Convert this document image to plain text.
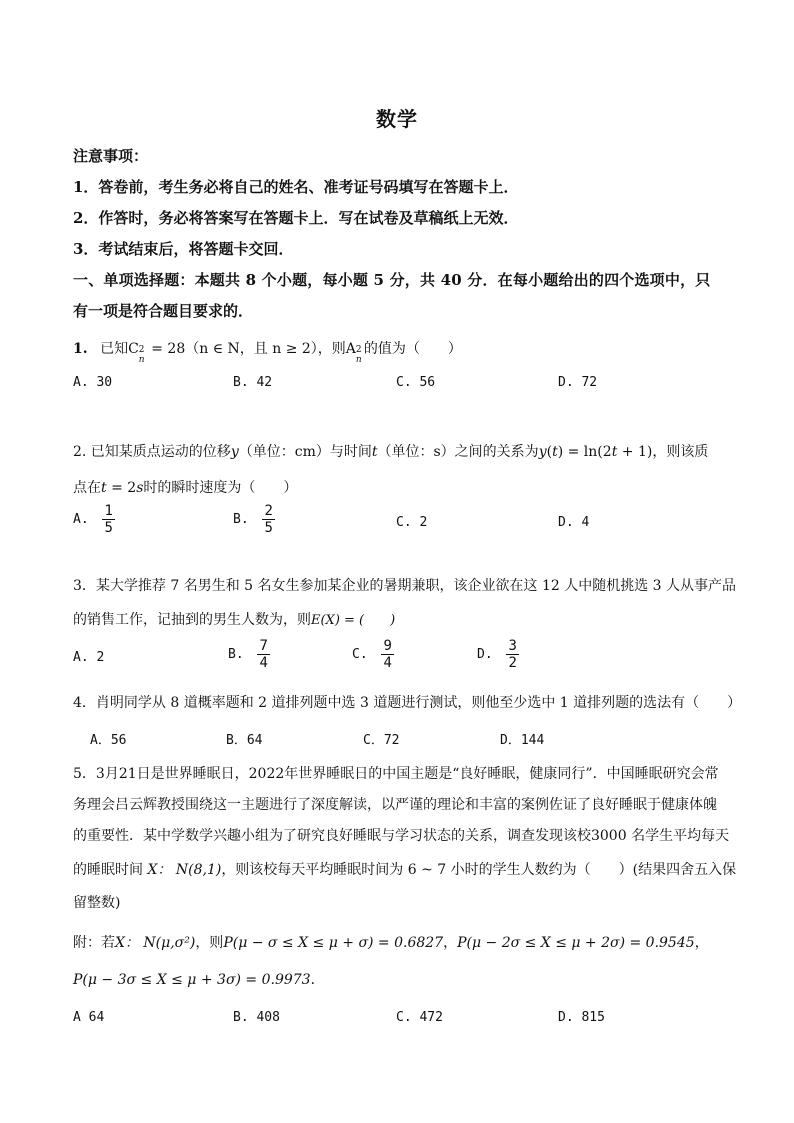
数学
注意事项：
1．答卷前，考生务必将自己的姓名、准考证号码填写在答题卡上．
2．作答时，务必将答案写在答题卡上．写在试卷及草稿纸上无效．
3．考试结束后，将答题卡交回．
一、单项选择题：本题共 8 个小题，每小题 5 分，共 40 分．在每小题给出的四个选项中，只
有一项是符合题目要求的．
1. 已知C 2
n
= 28（n ∈ N，且 n ≥ 2），则A 2
n
的值为（　　）
A. 30	B. 42	C. 56	D. 72
2. 已知某质点运动的位移y（单位：cm）与时间t（单位：s）之间的关系为y(t) = ln(2t + 1)，则该质
点在t = 2s时的瞬时速度为（　　）
A. $\frac{1}{5}$	B. $\frac{2}{5}$	C. 2	D. 4
3．某大学推荐 7 名男生和 5 名女生参加某企业的暑期兼职，该企业欲在这 12 人中随机挑选 3 人从事产品
的销售工作，记抽到的男生人数为，则E(X) = (　　)
A. 2	B. $\frac{7}{4}$	C. $\frac{9}{4}$	D. $\frac{3}{2}$
4．肖明同学从 8 道概率题和 2 道排列题中选 3 道题进行测试，则他至少选中 1 道排列题的选法有（　　）
A．56	B．64	C．72	D．144
5．3月21日是世界睡眠日，2022年世界睡眠日的中国主题是“良好睡眠，健康同行”．中国睡眠研究会常
务理会吕云辉教授围绕这一主题进行了深度解读，以严谨的理论和丰富的案例佐证了良好睡眠于健康体魄
的重要性．某中学数学兴趣小组为了研究良好睡眠与学习状态的关系，调查发现该校3000 名学生平均每天
的睡眠时间 X： N(8,1)，则该校每天平均睡眠时间为 6 ~ 7 小时的学生人数约为（　　）(结果四舍五入保
留整数)
附：若X： N(μ,σ²)，则P(μ − σ ≤ X ≤ μ + σ) = 0.6827，P(μ − 2σ ≤ X ≤ μ + 2σ) = 0.9545，
P(μ − 3σ ≤ X ≤ μ + 3σ) = 0.9973．
A 64	B. 408	C. 472	D. 815
